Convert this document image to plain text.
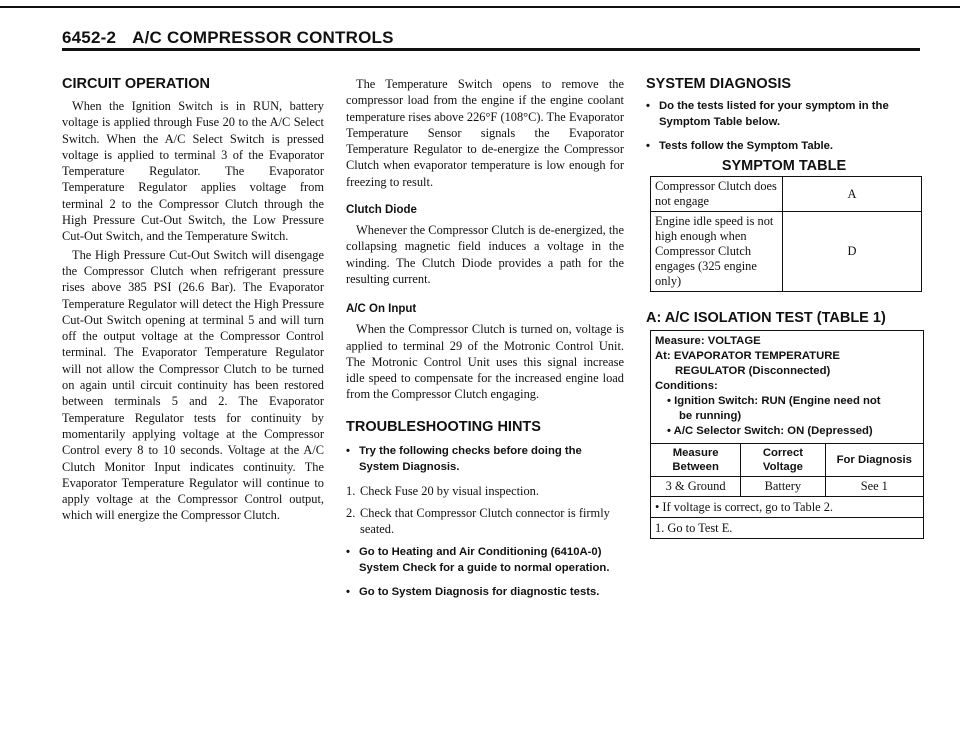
6452-2 A/C COMPRESSOR CONTROLS
CIRCUIT OPERATION

When the Ignition Switch is in RUN, battery voltage is applied through Fuse 20 to the A/C Select Switch. When the A/C Select Switch is pressed voltage is applied to terminal 3 of the Evaporator Temperature Regulator. The Evaporator Temperature Regulator applies voltage from terminal 2 to the Compressor Clutch through the High Pressure Cut-Out Switch, the Low Pressure Cut-Out Switch, and the Temperature Switch.

The High Pressure Cut-Out Switch will disengage the Compressor Clutch when refrigerant pressure rises above 385 PSI (26.6 Bar). The Evaporator Temperature Regulator will detect the High Pressure Cut-Out Switch opening at terminal 5 and will turn off the output voltage at the Compressor Control terminal. The Evaporator Temperature Regulator will not allow the Compressor Clutch to be turned on again until circuit continuity has been restored between terminals 5 and 2. The Evaporator Temperature Regulator tests for continuity by momentarily applying voltage at the Compressor Control every 8 to 10 seconds. Voltage at the A/C Clutch Monitor Input indicates continuity. The Evaporator Temperature Regulator will continue to apply voltage at the Compressor Control output, which will energize the Compressor Clutch.

The Temperature Switch opens to remove the compressor load from the engine if the engine coolant temperature rises above 226°F (108°C). The Evaporator Temperature Sensor signals the Evaporator Temperature Regulator to de-energize the Compressor Clutch when evaporator temperature is low enough for freezing to result.

Clutch Diode

Whenever the Compressor Clutch is de-energized, the collapsing magnetic field induces a voltage in the winding. The Clutch Diode provides a path for the resulting current.

A/C On Input

When the Compressor Clutch is turned on, voltage is applied to terminal 29 of the Motronic Control Unit. The Motronic Control Unit uses this signal increase idle speed to compensate for the increased engine load from the Compressor Clutch engaging.

TROUBLESHOOTING HINTS
• Try the following checks before doing the System Diagnosis.
1. Check Fuse 20 by visual inspection.
2. Check that Compressor Clutch connector is firmly seated.
• Go to Heating and Air Conditioning (6410A-0) System Check for a guide to normal operation.
• Go to System Diagnosis for diagnostic tests.
SYSTEM DIAGNOSIS
• Do the tests listed for your symptom in the Symptom Table below.
• Tests follow the Symptom Table.
SYMPTOM TABLE
Compressor Clutch does not engage	A
Engine idle speed is not high enough when Compressor Clutch engages (325 engine only)	D
A: A/C ISOLATION TEST (TABLE 1)
Measure: VOLTAGE
At: EVAPORATOR TEMPERATURE
REGULATOR (Disconnected)
Conditions:
• Ignition Switch: RUN (Engine need not
be running)
• A/C Selector Switch: ON (Depressed)
Measure Between	Correct Voltage	For Diagnosis
3 & Ground	Battery	See 1
• If voltage is correct, go to Table 2.
1. Go to Test E.
